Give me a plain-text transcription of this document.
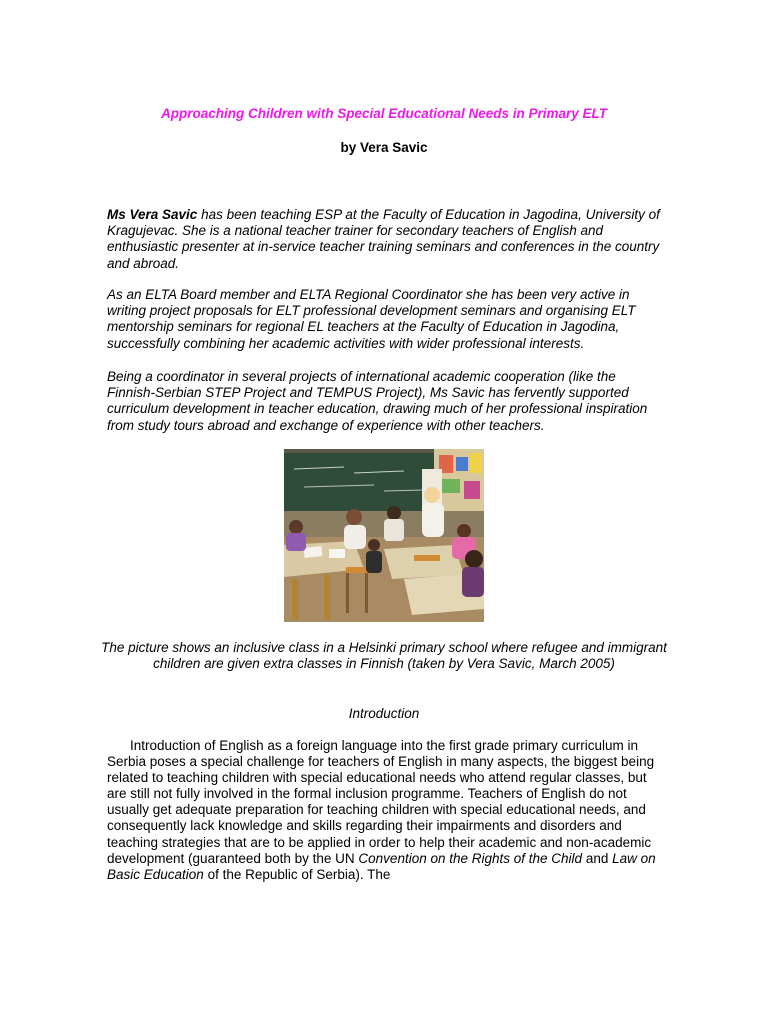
Approaching Children with Special Educational Needs in Primary ELT
by Vera Savic
Ms Vera Savic has been teaching ESP at the Faculty of Education in Jagodina, University of Kragujevac. She is a national teacher trainer for secondary teachers of English and enthusiastic presenter at in-service teacher training seminars and conferences in the country and abroad.
As an ELTA Board member and ELTA Regional Coordinator she has been very active in writing project proposals for ELT professional development seminars and organising ELT mentorship seminars for regional EL teachers at the Faculty of Education in Jagodina, successfully combining her academic activities with wider professional interests.
Being a coordinator in several projects of international academic cooperation (like the Finnish-Serbian STEP Project and TEMPUS Project), Ms Savic has fervently supported curriculum development in teacher education, drawing much of her professional inspiration from study tours abroad and exchange of experience with other teachers.
The picture shows an inclusive class in a Helsinki primary school where refugee and immigrant children are given extra classes in Finnish (taken by Vera Savic, March 2005)
Introduction
Introduction of English as a foreign language into the first grade primary curriculum in Serbia poses a special challenge for teachers of English in many aspects, the biggest being related to teaching children with special educational needs who attend regular classes, but are still not fully involved in the formal inclusion programme. Teachers of English do not usually get adequate preparation for teaching children with special educational needs, and consequently lack knowledge and skills regarding their impairments and disorders and teaching strategies that are to be applied in order to help their academic and non-academic development (guaranteed both by the UN Convention on the Rights of the Child and Law on Basic Education of the Republic of Serbia). The
